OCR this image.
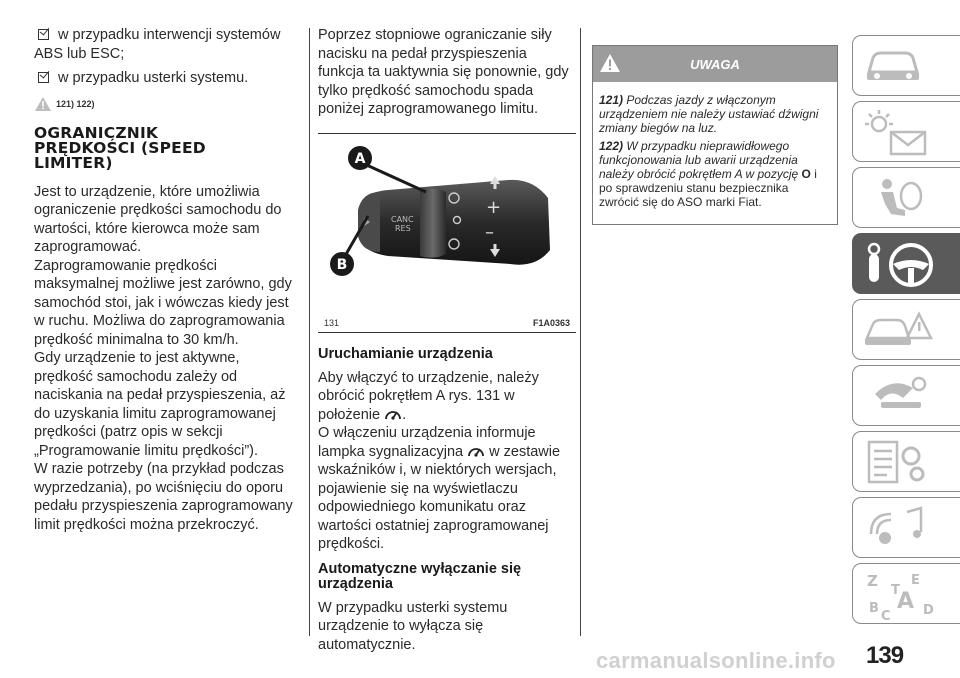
w przypadku interwencji systemów ABS lub ESC;

w przypadku usterki systemu.

121) 122)
OGRANICZNIK
PRĘDKOŚCI (SPEED
LIMITER)

Jest to urządzenie, które umożliwia ograniczenie prędkości samochodu do wartości, które kierowca może sam zaprogramować.

Zaprogramowanie prędkości maksymalnej możliwe jest zarówno, gdy samochód stoi, jak i wówczas kiedy jest w ruchu. Możliwa do zaprogramowania prędkość minimalna to 30 km/h.

Gdy urządzenie to jest aktywne, prędkość samochodu zależy od naciskania na pedał przyspieszenia, aż do uzyskania limitu zaprogramowanej prędkości (patrz opis w sekcji „Programowanie limitu prędkości”).

W razie potrzeby (na przykład podczas wyprzedzania), po wciśnięciu do oporu pedału przyspieszenia zaprogramowany limit prędkości można przekroczyć.

Poprzez stopniowe ograniczanie siły nacisku na pedał przyspieszenia funkcja ta uaktywnia się ponownie, gdy tylko prędkość samochodu spada poniżej zaprogramowanego limitu.

CANC
RES
+
–
A
B
131	F1A0363
Uruchamianie urządzenia

Aby włączyć to urządzenie, należy obrócić pokrętłem A rys. 131 w położenie .

O włączeniu urządzenia informuje lampka sygnalizacyjna w zestawie wskaźników i, w niektórych wersjach, pojawienie się na wyświetlaczu odpowiedniego komunikatu oraz wartości ostatniej zaprogramowanej prędkości.

Automatyczne wyłączanie się
urządzenia

W przypadku usterki systemu urządzenie to wyłącza się automatycznie.

UWAGA

121) Podczas jazdy z włączonym urządzeniem nie należy ustawiać dźwigni zmiany biegów na luz.

122) W przypadku nieprawidłowego funkcjonowania lub awarii urządzenia należy obrócić pokrętłem A w pozycję O i po sprawdzeniu stanu bezpiecznika zwrócić się do ASO marki Fiat.

Z	E
B A
C
T
D
139
carmanualsonline.info
